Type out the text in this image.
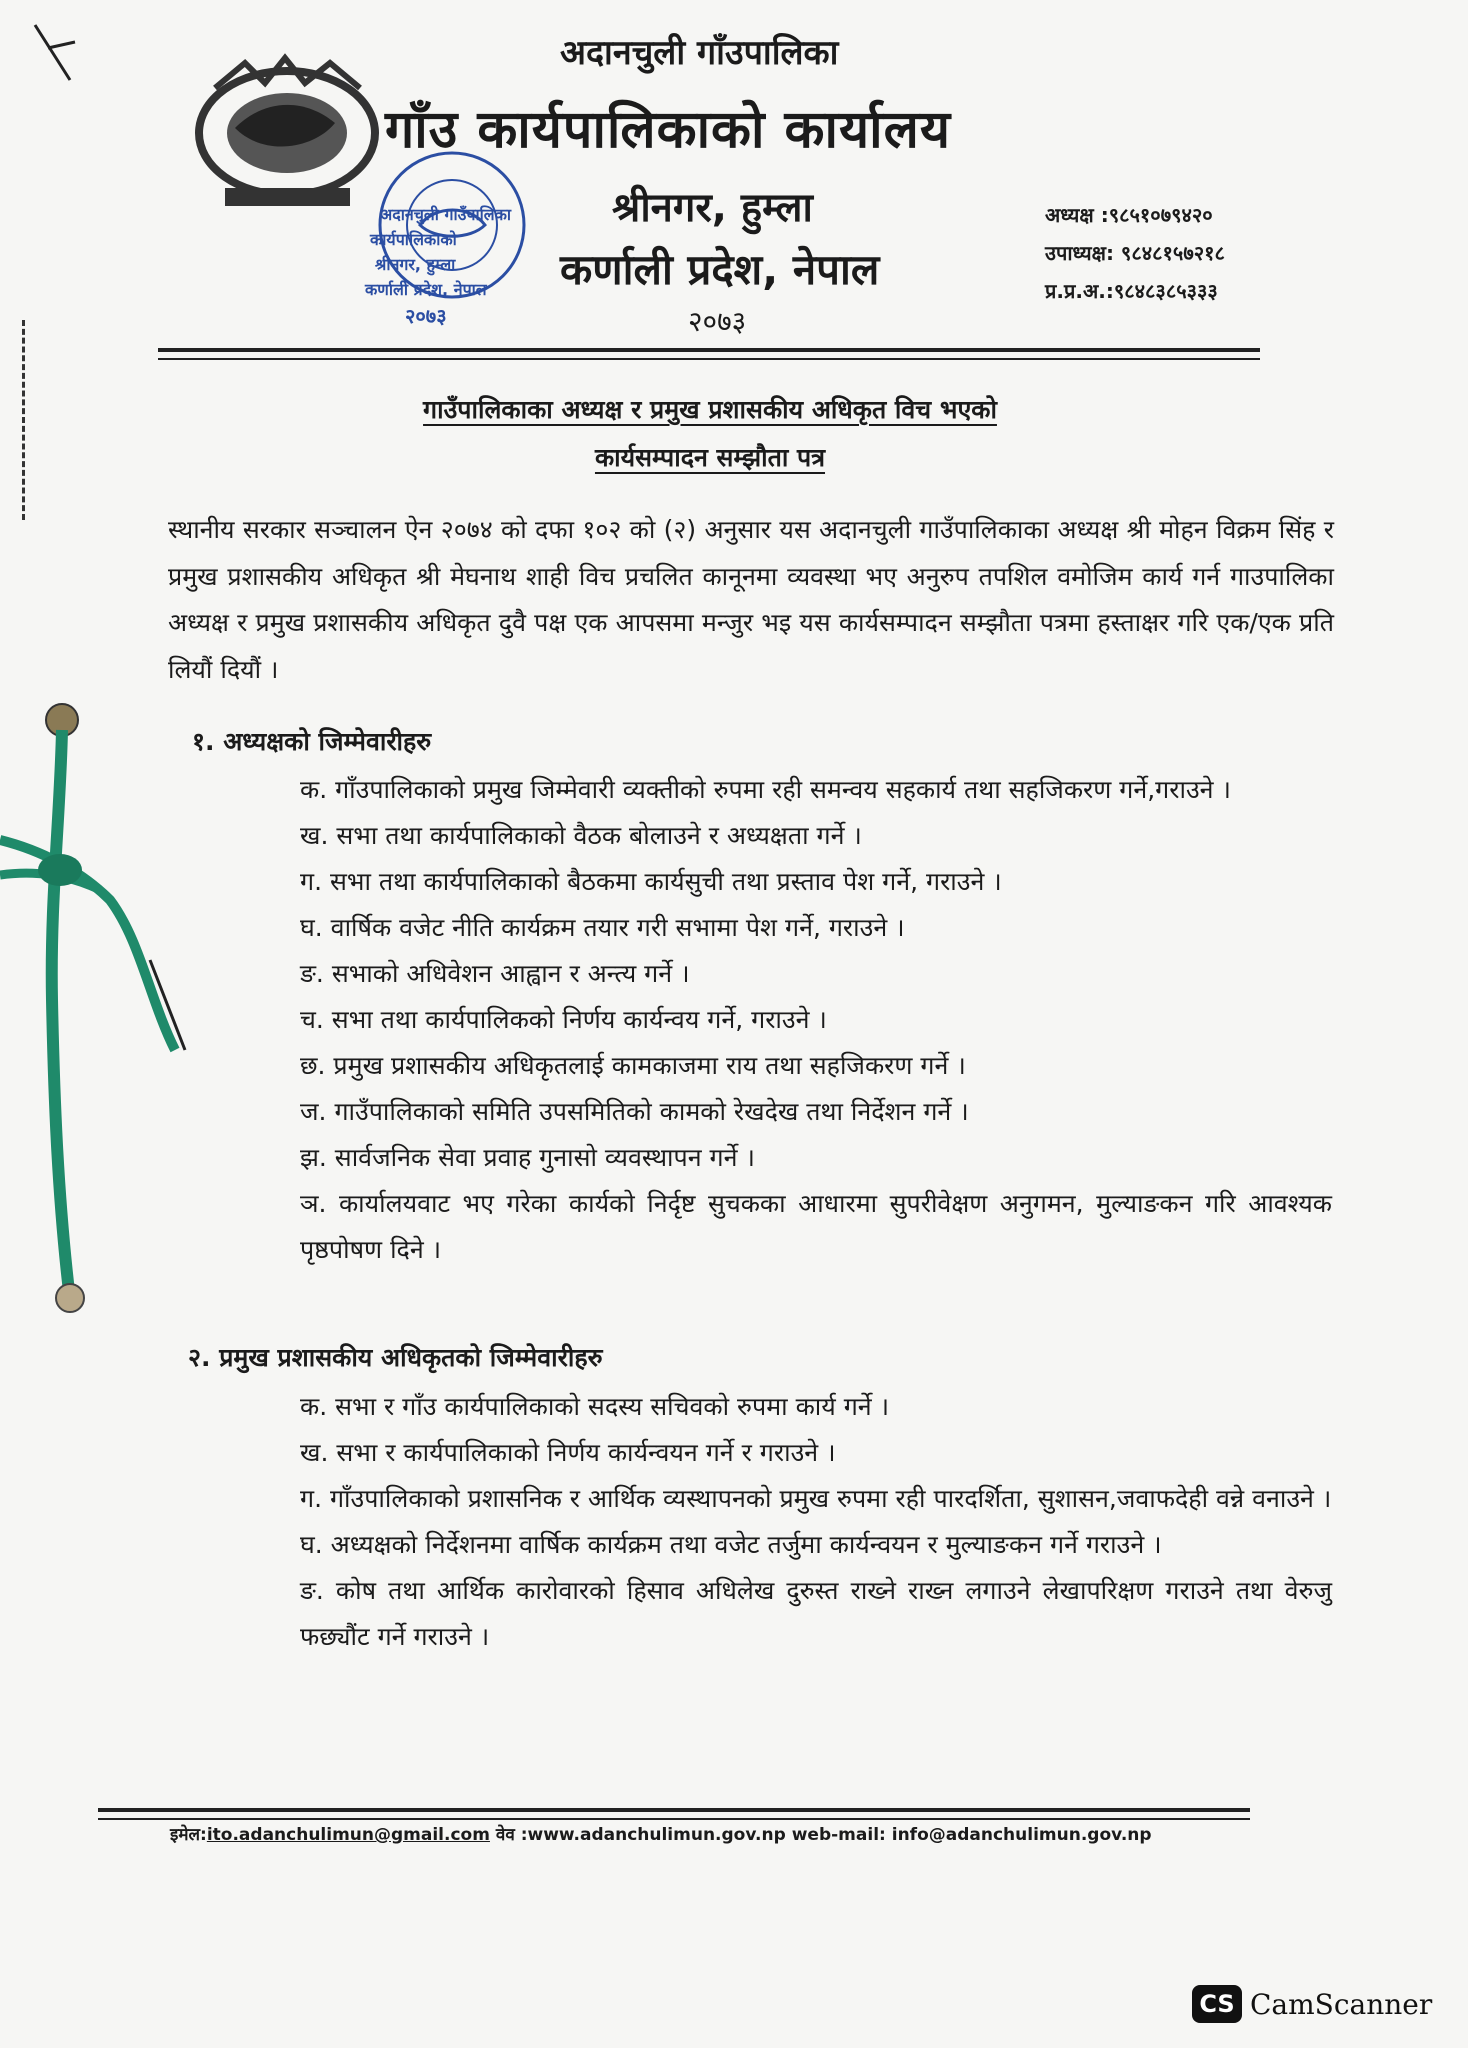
अदानचुली गाउँपालिका
कार्यपालिकाको
श्रीनगर, हुम्ला
कर्णाली प्रदेश, नेपाल
२०७३
अदानचुली गाँउपालिका
गाँउ कार्यपालिकाको कार्यालय
श्रीनगर, हुम्ला
कर्णाली प्रदेश, नेपाल
२०७३
अध्यक्ष :९८५१०७९४२०
उपाध्यक्ष: ९८४८१५७२१८
प्र.प्र.अ.:९८४८३८५३३३
गाउँपालिकाका अध्यक्ष र प्रमुख प्रशासकीय अधिकृत विच भएको
कार्यसम्पादन सम्झौता पत्र

स्थानीय सरकार सञ्चालन ऐन २०७४ को दफा १०२ को (२) अनुसार यस अदानचुली गाउँपालिकाका अध्यक्ष श्री मोहन विक्रम सिंह र प्रमुख प्रशासकीय अधिकृत श्री मेघनाथ शाही विच प्रचलित कानूनमा व्यवस्था भए अनुरुप तपशिल वमोजिम कार्य गर्न गाउपालिका अध्यक्ष र प्रमुख प्रशासकीय अधिकृत दुवै पक्ष एक आपसमा मन्जुर भइ यस कार्यसम्पादन सम्झौता पत्रमा हस्ताक्षर गरि एक/एक प्रति लियौं दियौं ।

१. अध्यक्षको जिम्मेवारीहरु
क. गाँउपालिकाको प्रमुख जिम्मेवारी व्यक्तीको रुपमा रही समन्वय सहकार्य तथा सहजिकरण गर्ने,गराउने ।
ख. सभा तथा कार्यपालिकाको वैठक बोलाउने र अध्यक्षता गर्ने ।
ग. सभा तथा कार्यपालिकाको बैठकमा कार्यसुची तथा प्रस्ताव पेश गर्ने, गराउने ।
घ. वार्षिक वजेट नीति कार्यक्रम तयार गरी सभामा पेश गर्ने, गराउने ।
ङ. सभाको अधिवेशन आह्वान र अन्त्य गर्ने ।
च. सभा तथा कार्यपालिकको निर्णय कार्यन्वय गर्ने, गराउने ।
छ. प्रमुख प्रशासकीय अधिकृतलाई कामकाजमा राय तथा सहजिकरण गर्ने ।
ज. गाउँपालिकाको समिति उपसमितिको कामको रेखदेख तथा निर्देशन गर्ने ।
झ. सार्वजनिक सेवा प्रवाह गुनासो व्यवस्थापन गर्ने ।
ञ. कार्यालयवाट भए गरेका कार्यको निर्दृष्ट सुचकका आधारमा सुपरीवेक्षण अनुगमन, मुल्याङकन गरि आवश्यक पृष्ठपोषण दिने ।
२. प्रमुख प्रशासकीय अधिकृतको जिम्मेवारीहरु
क. सभा र गाँउ कार्यपालिकाको सदस्य सचिवको रुपमा कार्य गर्ने ।
ख. सभा र कार्यपालिकाको निर्णय कार्यन्वयन गर्ने र गराउने ।
ग. गाँउपालिकाको प्रशासनिक र आर्थिक व्यस्थापनको प्रमुख रुपमा रही पारदर्शिता, सुशासन,जवाफदेही वन्ने वनाउने ।
घ. अध्यक्षको निर्देशनमा वार्षिक कार्यक्रम तथा वजेट तर्जुमा कार्यन्वयन र मुल्याङकन गर्ने गराउने ।
ङ. कोष तथा आर्थिक कारोवारको हिसाव अधिलेख दुरुस्त राख्ने राख्न लगाउने लेखापरिक्षण गराउने तथा वेरुजु फछ्यौंट गर्ने गराउने ।
इमेल:ito.adanchulimun@gmail.com वेव :www.adanchulimun.gov.np web-mail: info@adanchulimun.gov.np
CS CamScanner
